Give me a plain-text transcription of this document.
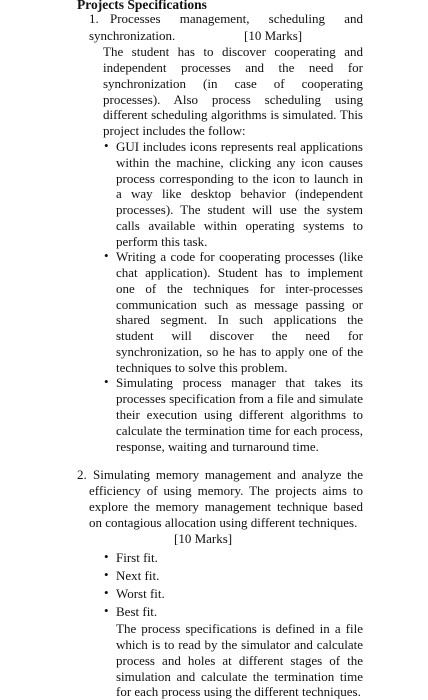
Projects Specifications
1. Processes management, scheduling and
synchronization.	[10 Marks]
The student has to discover cooperating and
independent processes and the need for
synchronization (in case of cooperating
processes). Also process scheduling using
different scheduling algorithms is simulated. This
project includes the follow:
• GUI includes icons represents real applications
within the machine, clicking any icon causes
process corresponding to the icon to launch in
a way like desktop behavior (independent
processes). The student will use the system
calls available within operating systems to
perform this task.
• Writing a code for cooperating processes (like
chat application). Student has to implement
one of the techniques for inter-processes
communication such as message passing or
shared segment. In such applications the
student will discover the need for
synchronization, so he has to apply one of the
techniques to solve this problem.
• Simulating process manager that takes its
processes specification from a file and simulate
their execution using different algorithms to
calculate the termination time for each process,
response, waiting and turnaround time.
2. Simulating memory management and analyze the
efficiency of using memory. The projects aims to
explore the memory management technique based
on contagious allocation using different techniques.
[10 Marks]
• First fit.
• Next fit.
• Worst fit.
• Best fit.
The process specifications is defined in a file
which is to read by the simulator and calculate
process and holes at different stages of the
simulation and calculate the termination time
for each process using the different techniques.
